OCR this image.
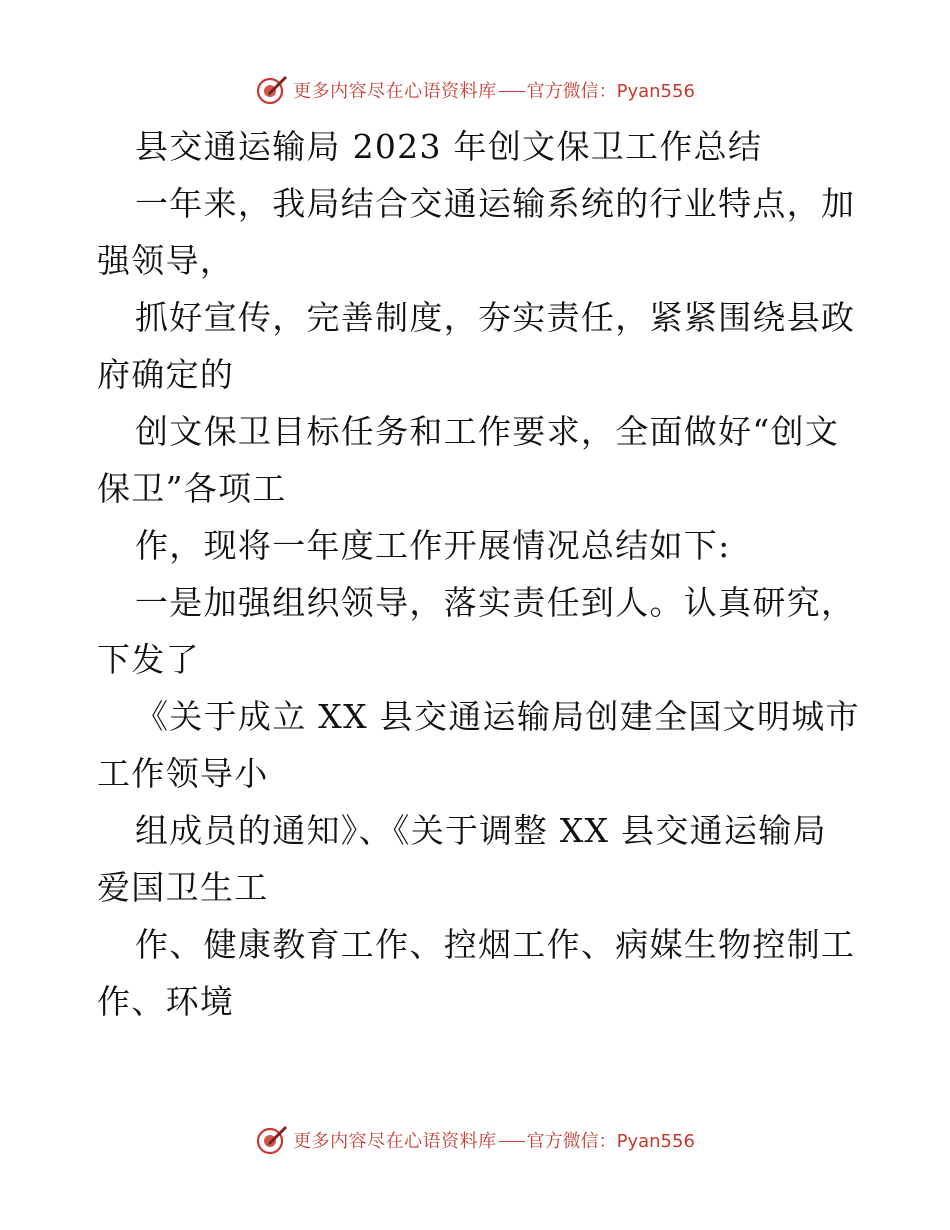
更多内容尽在心语资料库 官方微信：Pyan556
县交通运输局 2023 年创文保卫工作总结
一年来，我局结合交通运输系统的行业特点，加
强领导，
抓好宣传，完善制度，夯实责任，紧紧围绕县政
府确定的
创文保卫目标任务和工作要求，全面做好“创文
保卫”各项工
作，现将一年度工作开展情况总结如下:
一是加强组织领导，落实责任到人。认真研究，
下发了
《关于成立 XX 县交通运输局创建全国文明城市
工作领导小
组成员的通知》、《关于调整 XX 县交通运输局
爱国卫生工
作、健康教育工作、控烟工作、病媒生物控制工
作、环境
更多内容尽在心语资料库 官方微信：Pyan556
